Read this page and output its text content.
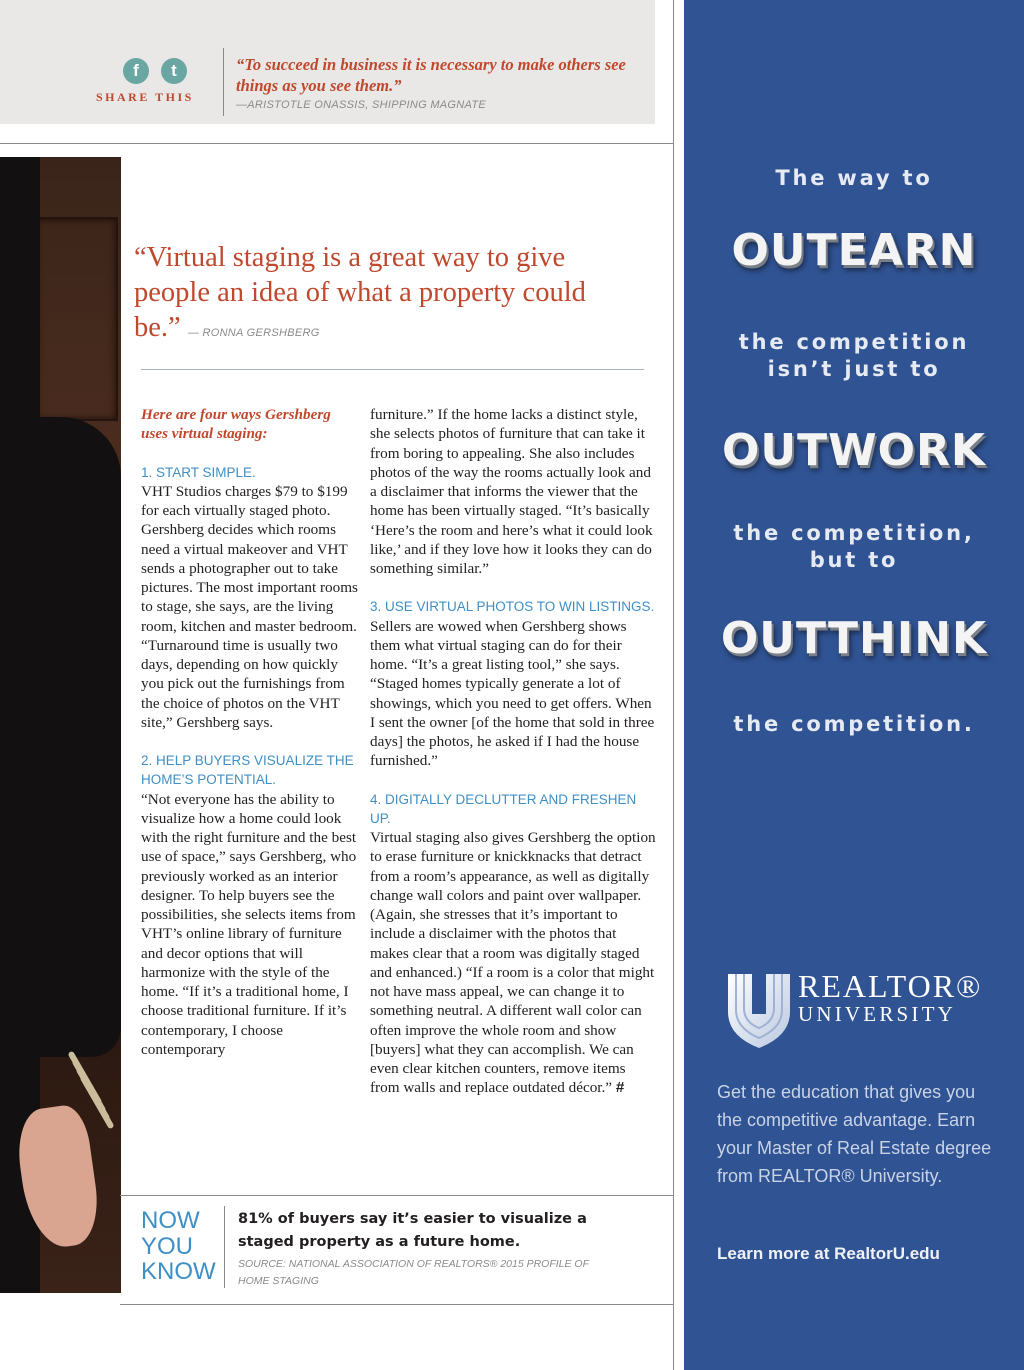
f	t
SHARE THIS
“To succeed in business it is necessary to make others see things as you see them.”
—ARISTOTLE ONASSIS, SHIPPING MAGNATE
“Virtual staging is a great way to give people an idea of what a property could be.” — RONNA GERSHBERG

Here are four ways Gershberg uses virtual staging:

1. START SIMPLE.

VHT Studios charges $79 to $199 for each virtually staged photo. Gershberg decides which rooms need a virtual makeover and VHT sends a photographer out to take pictures. The most important rooms to stage, she says, are the living room, kitchen and master bedroom. “Turnaround time is usually two days, depending on how quickly you pick out the furnishings from the choice of photos on the VHT site,” Gershberg says.

2. HELP BUYERS VISUALIZE THE HOME’S POTENTIAL.

“Not everyone has the ability to visualize how a home could look with the right furniture and the best use of space,” says Gershberg, who previously worked as an interior designer. To help buyers see the possibilities, she selects items from VHT’s online library of furniture and decor options that will harmonize with the style of the home. “If it’s a traditional home, I choose traditional furniture. If it’s contemporary, I choose contemporary

furniture.” If the home lacks a distinct style, she selects photos of furniture that can take it from boring to appealing. She also includes photos of the way the rooms actually look and a disclaimer that informs the viewer that the home has been virtually staged. “It’s basically ‘Here’s the room and here’s what it could look like,’ and if they love how it looks they can do something similar.”

3. USE VIRTUAL PHOTOS TO WIN LISTINGS.

Sellers are wowed when Gershberg shows them what virtual staging can do for their home. “It’s a great listing tool,” she says. “Staged homes typically generate a lot of showings, which you need to get offers. When I sent the owner [of the home that sold in three days] the photos, he asked if I had the house furnished.”

4. DIGITALLY DECLUTTER AND FRESHEN UP.

Virtual staging also gives Gershberg the option to erase furniture or knickknacks that detract from a room’s appearance, as well as digitally change wall colors and paint over wallpaper. (Again, she stresses that it’s important to include a disclaimer with the photos that makes clear that a room was digitally staged and enhanced.) “If a room is a color that might not have mass appeal, we can change it to something neutral. A different wall color can often improve the whole room and show [buyers] what they can accomplish. We can even clear kitchen counters, remove items from walls and replace outdated décor.” #

NOW
YOU
KNOW
81% of buyers say it’s easier to visualize a staged property as a future home.
SOURCE: NATIONAL ASSOCIATION OF REALTORS® 2015 PROFILE OF HOME STAGING
The way to
OUTEARN
the competition
isn’t just to
OUTWORK
the competition,
but to
OUTTHINK
the competition.
REALTOR®
UNIVERSITY
Get the education that gives you the competitive advantage. Earn your Master of Real Estate degree from REALTOR® University.
Learn more at RealtorU.edu
